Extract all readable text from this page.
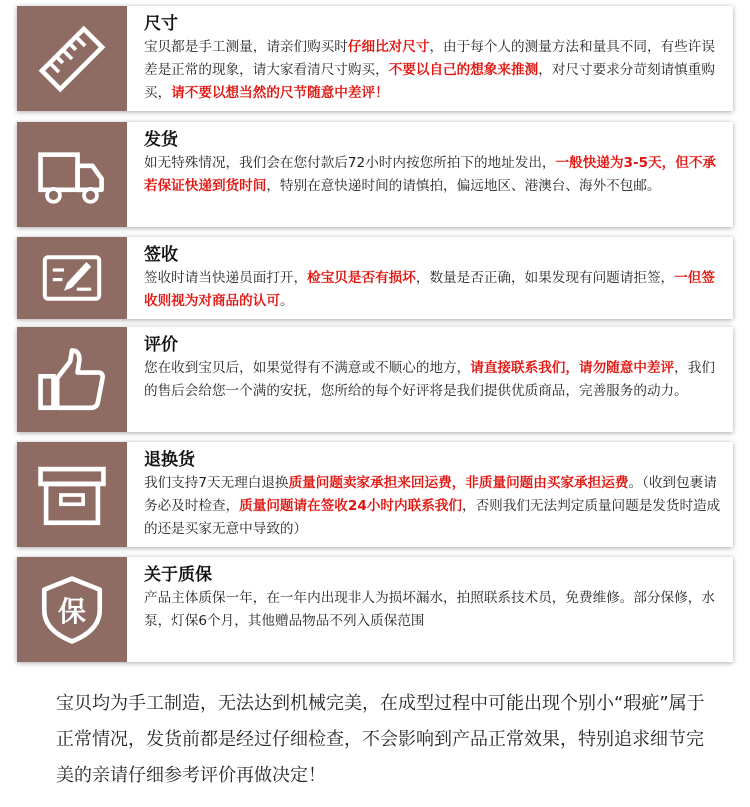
尺寸
宝贝都是手工测量，请亲们购买时仔细比对尺寸，由于每个人的测量方法和量具不同，有些许误差是正常的现象，请大家看清尺寸购买，不要以自己的想象来推测，对尺寸要求分苛刻请慎重购买，请不要以想当然的尺节随意中差评！
发货
如无特殊情况，我们会在您付款后72小时内按您所拍下的地址发出，一般快递为3-5天，但不承若保证快递到货时间，特别在意快递时间的请慎拍，偏远地区、港澳台、海外不包邮。
签收
签收时请当快递员面打开，检宝贝是否有损坏，数量是否正确，如果发现有问题请拒签，一但签收则视为对商品的认可。
评价
您在收到宝贝后，如果觉得有不满意或不顺心的地方，请直接联系我们，请勿随意中差评，我们的售后会给您一个满的安抚，您所给的每个好评将是我们提供优质商品，完善服务的动力。
退换货
我们支持7天无理白退换质量问题卖家承担来回运费，非质量问题由买家承担运费。（收到包裹请务必及时检查，质量问题请在签收24小时内联系我们，否则我们无法判定质量问题是发货时造成的还是买家无意中导致的）
保
关于质保
产品主体质保一年，在一年内出现非人为损坏漏水，拍照联系技术员，免费维修。部分保修，水泵，灯保6个月，其他赠品物品不列入质保范围
宝贝均为手工制造，无法达到机械完美，在成型过程中可能出现个别小“瑕疵”属于正常情况，发货前都是经过仔细检查，不会影响到产品正常效果，特别追求细节完美的亲请仔细参考评价再做决定！
